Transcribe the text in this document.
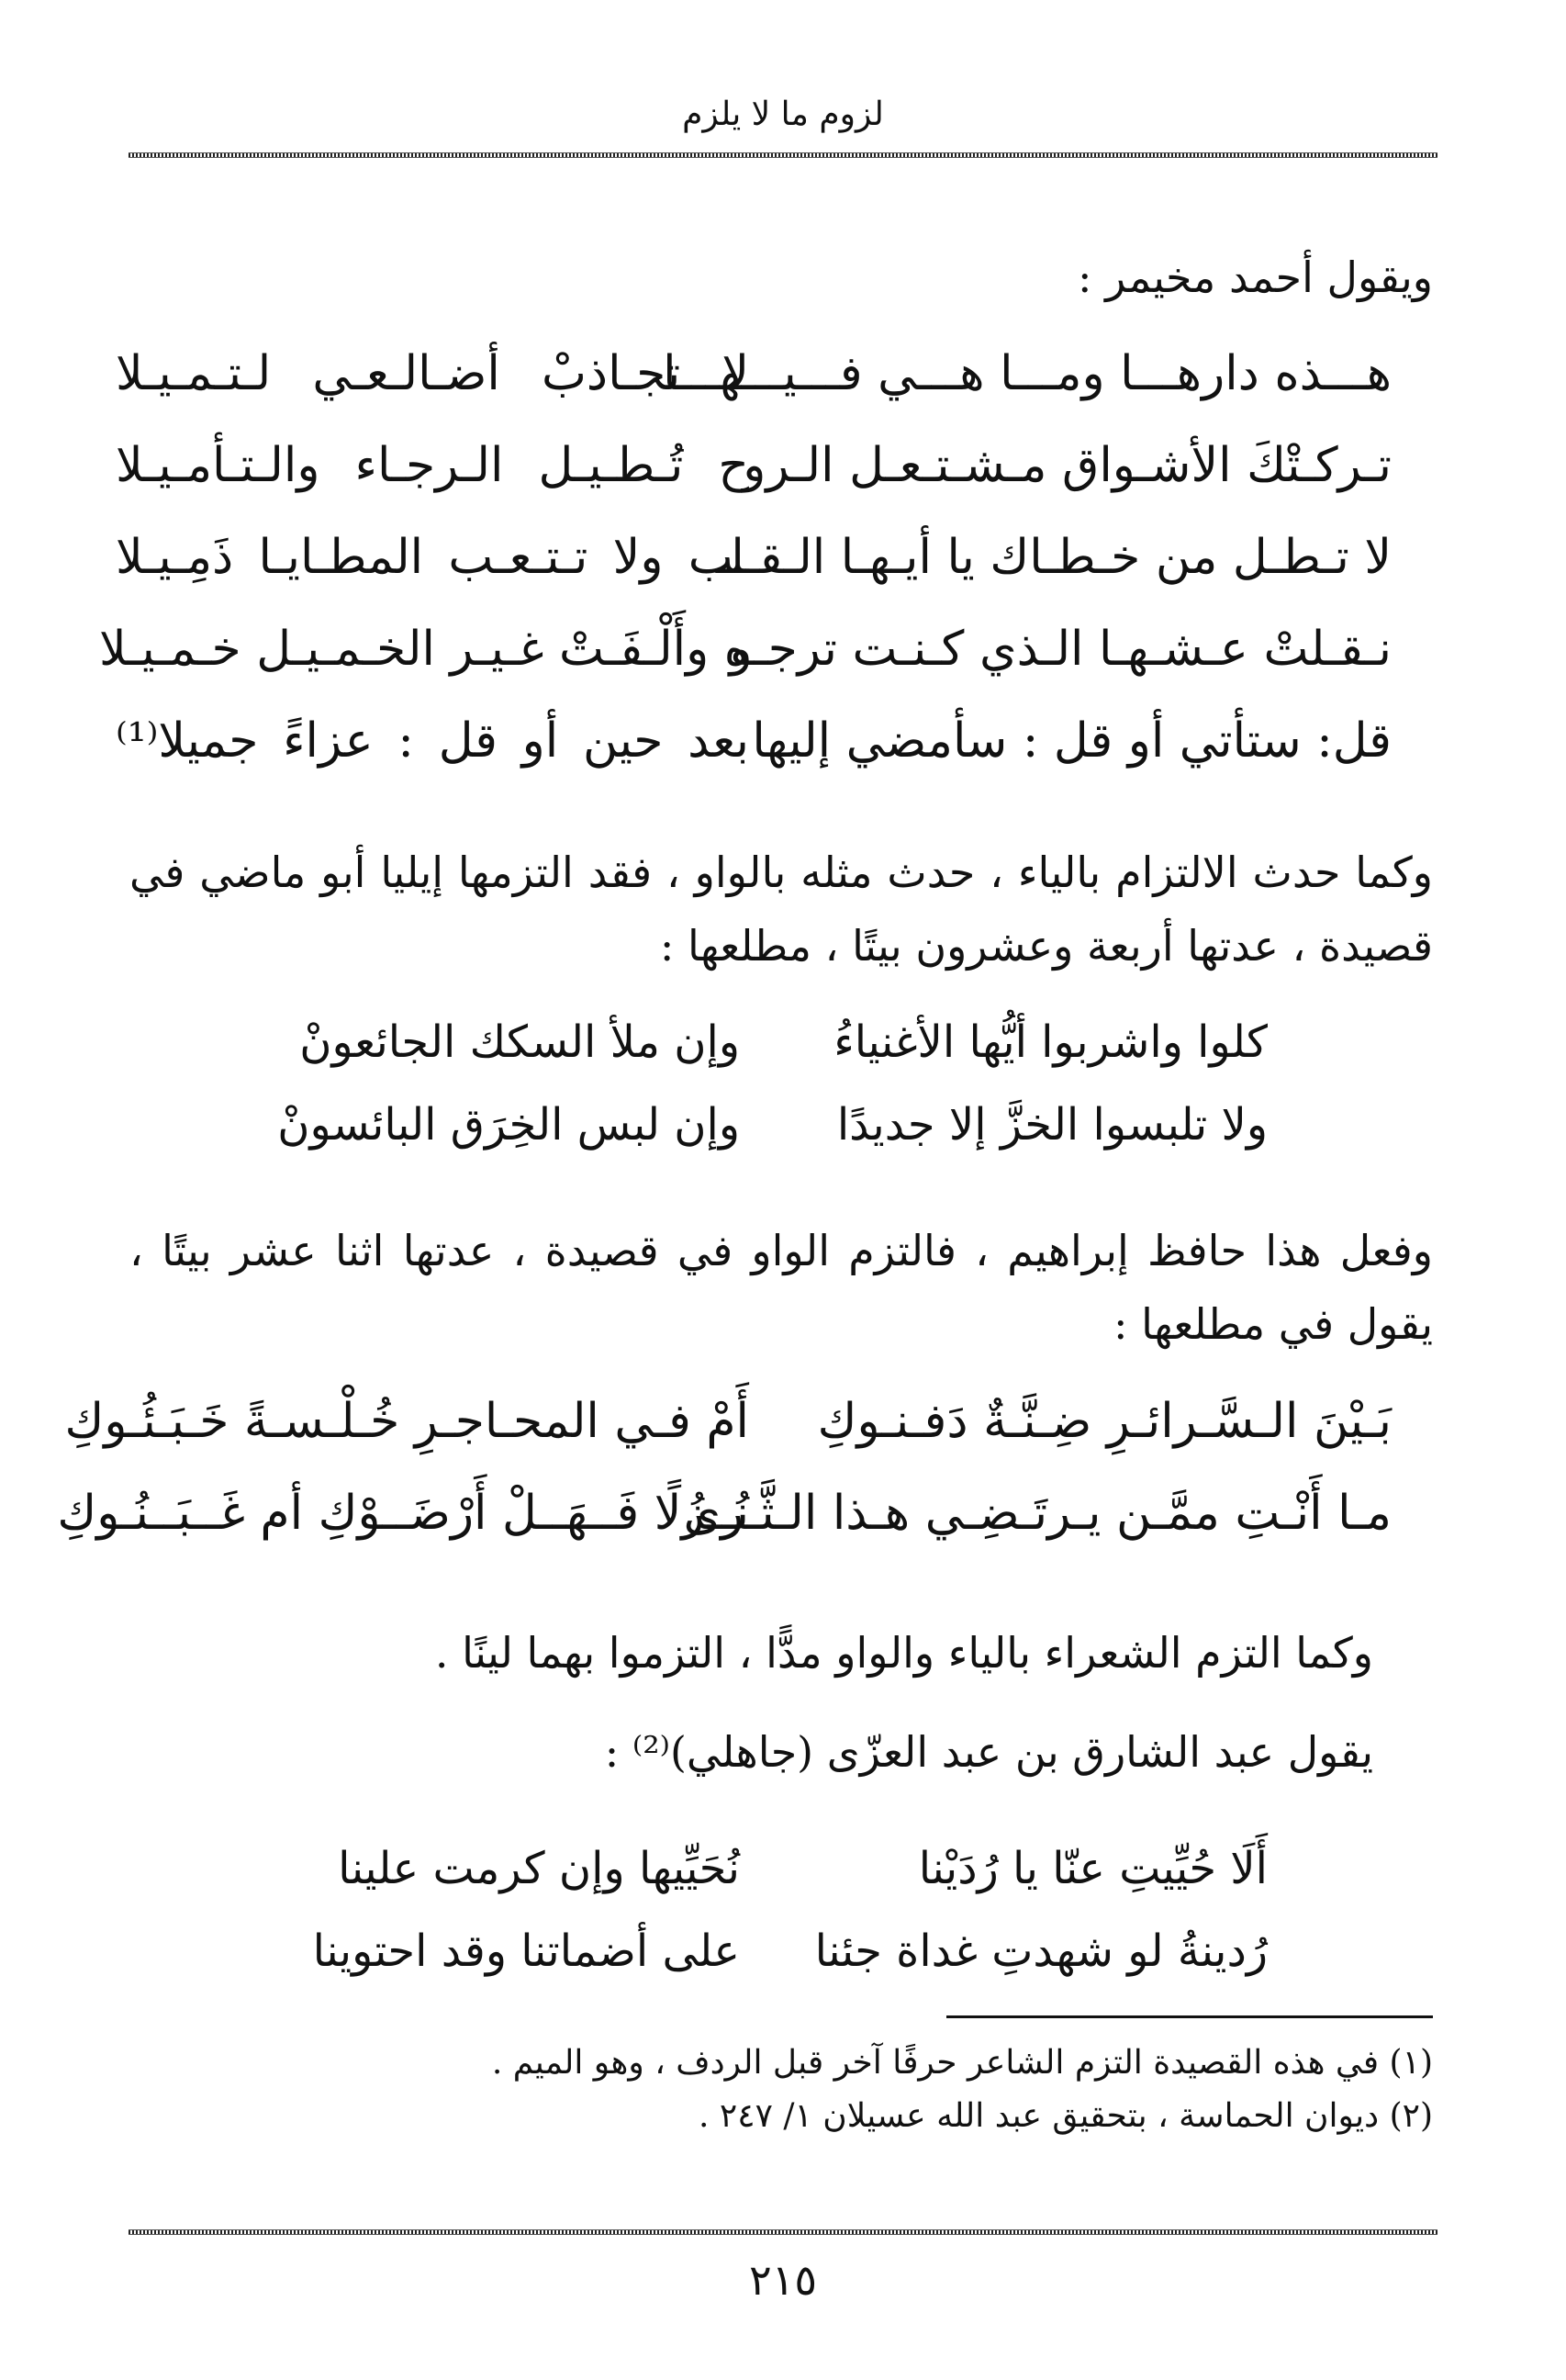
لزوم ما لا يلزم

ويقول أحمد مخيمر :

هـــذه دارهـــا ومـــا هـــي فـــيـــهـــا
لا تجـاذبْ أضـالـعـي لـتـمـيـلا
تـركـتْكَ الأشـواق مـشـتـعـل الـرو
ح تُـطـيـل الـرجـاء والـتـأمـيـلا
لا تـطـل من خـطـاك يا أيـهـا الـقـلـ
ـب ولا تـتـعـب المطـايـا ذَمِـيـلا
نـقـلتْ عـشـهـا الـذي كـنـت ترجـو
ه وأَلْـفَـتْ غـيـر الخـمـيـل خـمـيـلا
قل: ستأتي أو قل : سأمضي إليها
بعد حين أو قل : عزاءً جميلا⁽¹⁾

وكما حدث الالتزام بالياء ، حدث مثله بالواو ، فقد التزمها إيليا أبو ماضي في قصيدة ، عدتها أربعة وعشرون بيتًا ، مطلعها :

كلوا واشربوا أيُّها الأغنياءُ
وإن ملأ السكك الجائعونْ
ولا تلبسوا الخزَّ إلا جديدًا
وإن لبس الخِرَق البائسونْ

وفعل هذا حافظ إبراهيم ، فالتزم الواو في قصيدة ، عدتها اثنا عشر بيتًا ، يقول في مطلعها :

بَـيْنَ الـسَّـرائـرِ ضِـنَّـةٌ دَفـنـوكِ
أَمْ فـي المحـاجـرِ خُـلْـسـةً خَـبَـئُـوكِ
مـا أَنْـتِ ممَّـن يـرتَـضِـي هـذا الـثَّـرى
نُــزُلًا فَــهَــلْ أَرْضَــوْكِ أم غَــبَــنُـوكِ

وكما التزم الشعراء بالياء والواو مدًّا ، التزموا بهما لينًا .

يقول عبد الشارق بن عبد العزّى (جاهلي)⁽²⁾ :

أَلَا حُيِّيتِ عنّا يا رُدَيْنا
نُحَيِّيها وإن كرمت علينا
رُدينةُ لو شهدتِ غداة جئنا
على أضماتنا وقد احتوينا
(١) في هذه القصيدة التزم الشاعر حرفًا آخر قبل الردف ، وهو الميم .
(٢) ديوان الحماسة ، بتحقيق عبد الله عسيلان ١/ ٢٤٧ .
٢١٥
